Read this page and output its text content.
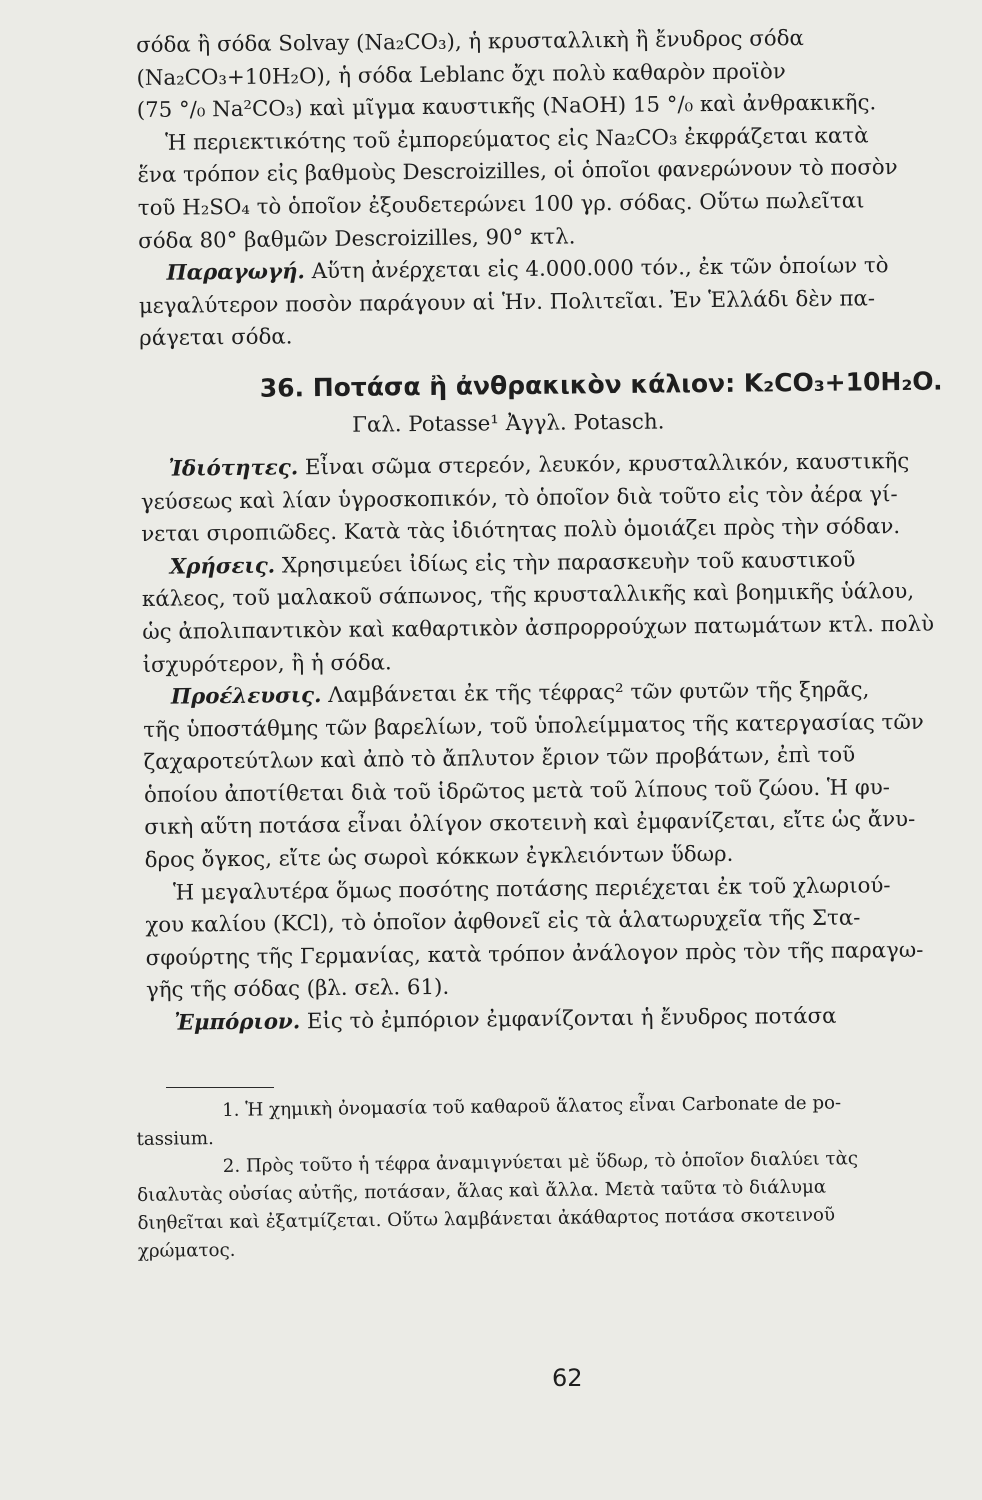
σόδα ἢ σόδα Solvay (Na₂CO₃), ἡ κρυσταλλικὴ ἢ ἔνυδρος σόδα
(Na₂CO₃+10H₂O), ἡ σόδα Leblanc ὄχι πολὺ καθαρὸν προϊὸν
(75 °/₀ Na²CO₃) καὶ μῖγμα καυστικῆς (NaOH) 15 °/₀ καὶ ἀνθρακικῆς.
Ἡ περιεκτικότης τοῦ ἐμπορεύματος εἰς Na₂CO₃ ἐκφράζεται κατὰ
ἕνα τρόπον εἰς βαθμοὺς Descroizilles, οἱ ὁποῖοι φανερώνουν τὸ ποσὸν
τοῦ H₂SO₄ τὸ ὁποῖον ἐξουδετερώνει 100 γρ. σόδας. Οὕτω πωλεῖται
σόδα 80° βαθμῶν Descroizilles, 90° κτλ.
Παραγωγή. Αὕτη ἀνέρχεται εἰς 4.000.000 τόν., ἐκ τῶν ὁποίων τὸ
μεγαλύτερον ποσὸν παράγουν αἱ Ἡν. Πολιτεῖαι. Ἐν Ἑλλάδι δὲν πα-
ράγεται σόδα.
36. Ποτάσα ἢ ἀνθρακικὸν κάλιον: K₂CO₃+10H₂O.
Γαλ. Potasse¹ Ἀγγλ. Potasch.
Ἰδιότητες. Εἶναι σῶμα στερεόν, λευκόν, κρυσταλλικόν, καυστικῆς
γεύσεως καὶ λίαν ὑγροσκοπικόν, τὸ ὁποῖον διὰ τοῦτο εἰς τὸν ἀέρα γί-
νεται σιροπιῶδες. Κατὰ τὰς ἰδιότητας πολὺ ὁμοιάζει πρὸς τὴν σόδαν.
Χρήσεις. Χρησιμεύει ἰδίως εἰς τὴν παρασκευὴν τοῦ καυστικοῦ
κάλεος, τοῦ μαλακοῦ σάπωνος, τῆς κρυσταλλικῆς καὶ βοημικῆς ὑάλου,
ὡς ἀπολιπαντικὸν καὶ καθαρτικὸν ἀσπρορρούχων πατωμάτων κτλ. πολὺ
ἰσχυρότερον, ἢ ἡ σόδα.
Προέλευσις. Λαμβάνεται ἐκ τῆς τέφρας² τῶν φυτῶν τῆς ξηρᾶς,
τῆς ὑποστάθμης τῶν βαρελίων, τοῦ ὑπολείμματος τῆς κατεργασίας τῶν
ζαχαροτεύτλων καὶ ἀπὸ τὸ ἄπλυτον ἔριον τῶν προβάτων, ἐπὶ τοῦ
ὁποίου ἀποτίθεται διὰ τοῦ ἱδρῶτος μετὰ τοῦ λίπους τοῦ ζώου. Ἡ φυ-
σικὴ αὕτη ποτάσα εἶναι ὀλίγον σκοτεινὴ καὶ ἐμφανίζεται, εἴτε ὡς ἄνυ-
δρος ὄγκος, εἴτε ὡς σωροὶ κόκκων ἐγκλειόντων ὕδωρ.
Ἡ μεγαλυτέρα ὅμως ποσότης ποτάσης περιέχεται ἐκ τοῦ χλωριού-
χου καλίου (KCl), τὸ ὁποῖον ἀφθονεῖ εἰς τὰ ἁλατωρυχεῖα τῆς Στα-
σφούρτης τῆς Γερμανίας, κατὰ τρόπον ἀνάλογον πρὸς τὸν τῆς παραγω-
γῆς τῆς σόδας (βλ. σελ. 61).
Ἐμπόριον. Εἰς τὸ ἐμπόριον ἐμφανίζονται ἡ ἔνυδρος ποτάσα
1. Ἡ χημικὴ ὀνομασία τοῦ καθαροῦ ἅλατος εἶναι Carbonate de po-
tassium.
2. Πρὸς τοῦτο ἡ τέφρα ἀναμιγνύεται μὲ ὕδωρ, τὸ ὁποῖον διαλύει τὰς
διαλυτὰς οὐσίας αὐτῆς, ποτάσαν, ἅλας καὶ ἄλλα. Μετὰ ταῦτα τὸ διάλυμα
διηθεῖται καὶ ἐξατμίζεται. Οὕτω λαμβάνεται ἀκάθαρτος ποτάσα σκοτεινοῦ
χρώματος.
62
